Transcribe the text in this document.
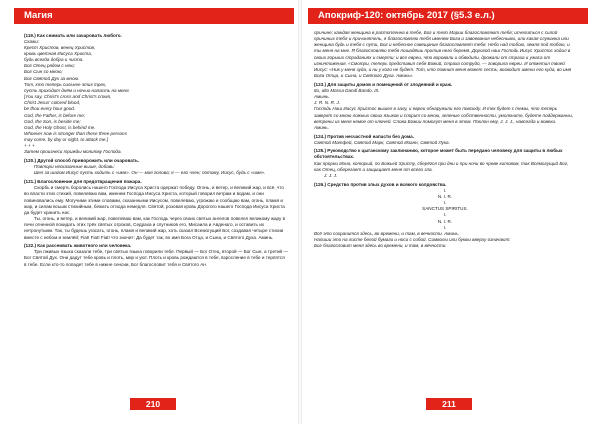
Магия

(119.) Как снимать или зачаровать любого.

Скажи:

Крест Христов, венец Христов,

кровь цветная Иисуса Христа,

будь всегда добра и чиста.

Бог Отец рядом с нею;

Бог Сын со мною;

Бог Святой Дух за мною.

Тот, кто теперь сильнее этих трех,

пусть приходит днём и ночью напасть на меня.

[You say, Christ's cross and Christ's crown,

Christ Jesus' colored blood,

be thou every hour good.

God, the Father, is before me;

God, the Son, is beside me;

God, the Holy Ghost, is behind me.

Whoever now is stronger than these three persons

may come, by day or night, to attack me.]

+ + +

Затем произнеси трижды молитву Господа.

(120.) Другой способ приворожить или очаровать.

Повтори несказанные выше, добавь:

Шел за шагом Иисус пусть ходить с «имя». Он — моя голова; я — его член; потому, Иисус, будь с «имя».

(121.) Благословение для предотвращения пожара.

Скорбь и смерть боролись нашего Господа Иисуса Христа одержат победу. Огонь, и ветер, и великий жар, и всё, что во власти этих стихий, повелеваю вам, именем Господа Иисуса Христа, который говорил ветрам и водам, и они повиновались ему. Могучими этими словами, сказанными Иисусом, повелеваю, угрожаю и сообщаю вам, огонь, пламя и жар, и силам всьым стихийным, бежать отсюда немедля. Святой, розовая кровь Дорогого нашего Господа Иисуса Христа да будет хранить нас.

Ты, огонь, и ветер, и великий жар, повелеваю вам, как Господь через своих святых ангелов повелел великому жару в печи огненной покидать этих трёх святых отроков, Седраха и спутников его, Мисаила и Авденаго, и оставить их нетронутыми. Так, ты будешь угасать, огонь, пламя и великий жар, хоть сказал Всемогущий Бог, создавая четыре стихии вместе с небом и землёй; Fiat! Fiat! Fiat! что значит: Да будет так, во имя Бога Отца, и Сына, и Святого Духа. Аминь.

(122.) Как рассеивать животного или человека.

Три лживых языка сказали тебе, три святых языка говорили тебе. Первый — Бог Отец, второй — Бог Сын, а третий — Бог Святой Дух. Они дадут тебе кровь и плоть, мир и уют. Плоть и кровь рождаются в тебе, взросление в тебе и терпятся в тебе. Если кто-то попадет тебе в нижне сенсии, Бог благословит тебя и Святого Ан

210
Апокриф-120: октябрь 2017 (§5.3 е.л.)

причине; каждая женщина в растопленна в тебе, Бог и тело Марии благословляют тебя; исчелиться с силой причиных тебя и причинятель, я благословляю тебя именем Бога и завоевания небесными, или какая служанка или женщина будь и тебя с пути, Бог и небесное совещание благословляет тебя. Небо над тобою, земля под тобою, и ты меня на мне. Я благословляю тебя пошадёшь против него беремя. Дорогой наш Господь Иисус Христос ходил в своих горьких страданиях и смерти; и все евреи, что воровали и обводили, дрожали от страха и ужаса от изничтожения. «Смотри, теперь представил себя Божий, страха сотрудо, — говорила евреи. И отметил твоей Иисус: «Ник у меня зуда, и ни у кого не будет. Тот, кто помнит меня может сесть, возводит имени его куда, во имя Бога Отца, и Сына, и Святого Духа. Аминь».

(123.) Для защиты домов и помещений от злодеяний и краж.

Ito, alto Massa Dandi Bando, III.

Амынь.

J. R. N. R. J.

Господь Наш Иисус Христос вышел в залу, и евреи обнаружили его повсюду. И тех будет с темы, что теперь заверят со мною ложных своих языков и спорит со мною, зеленые собственности, умолкните, будете поддержанны, ветрены из меня немое от ключей. Слова Божии помогут меня в этом. Поклон ему, J. J. J., навсегда и вовеки.

Аминь.

(124.) Против несчастной напасти без дома.

Святой Матфей, Святой Марк, Святой Иоанн, Святой Лука.

(125.) Руководство к цыганскому заклинанию, которое может быть передано человеку для защиты в любых обстоятельствах.

Как прорни Иона, который, по Божьей Христу, сберёгся при дни и при ночи во чреве китовом, так Всемогущий Бог, как Отец, оберегает и защищает меня от всего зла.

J. J. J.

(126.) Средство против злых духов и всякого колдовства.

I.

N. I. R.

I.

SANCTUS SPIRITUS.

I.

N. I. R.

I.

Всё это сохранится здесь, во времени, и там, в вечности. Аминь.

Напиши это на листе белой бумаги и носи с собой. Символы или буквы вверху означают:

Бог благословит меня здесь во времени, и там, в вечности.

211
